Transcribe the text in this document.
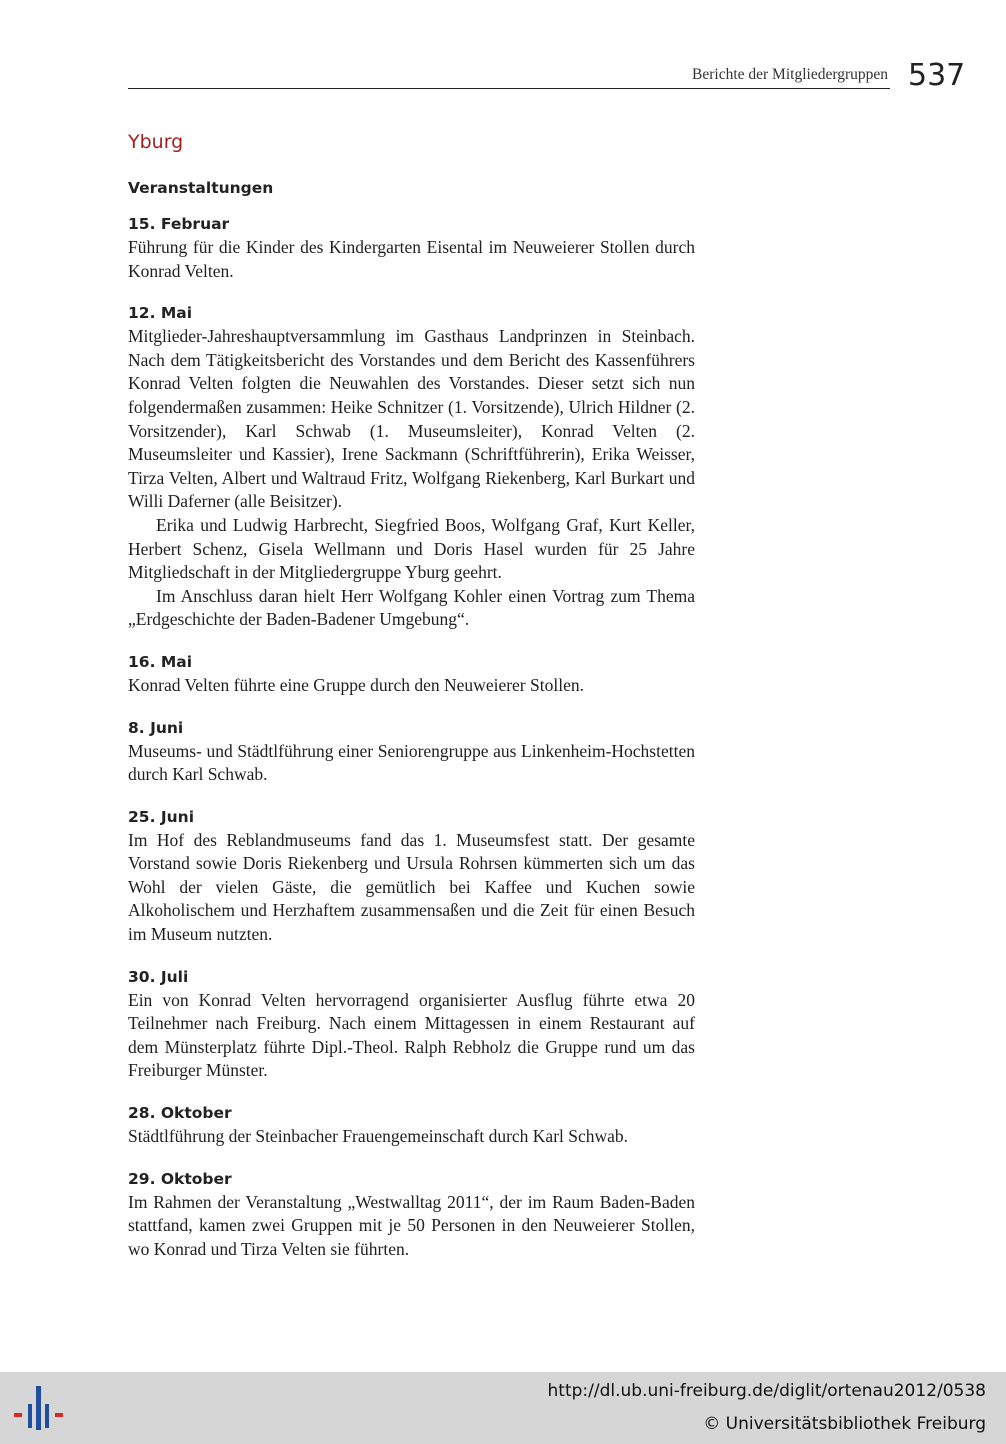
Berichte der Mitgliedergruppen 537
Yburg
Veranstaltungen
15. Februar

Führung für die Kinder des Kindergarten Eisental im Neuweierer Stollen durch Konrad Velten.

12. Mai

Mitglieder-Jahreshauptversammlung im Gasthaus Landprinzen in Steinbach. Nach dem Tätigkeitsbericht des Vorstandes und dem Bericht des Kassenführers Konrad Velten folgten die Neuwahlen des Vorstandes. Dieser setzt sich nun folgendermaßen zusammen: Heike Schnitzer (1. Vorsitzende), Ulrich Hildner (2. Vorsitzender), Karl Schwab (1. Museumsleiter), Konrad Velten (2. Museumsleiter und Kassier), Irene Sackmann (Schriftführerin), Erika Weisser, Tirza Velten, Albert und Waltraud Fritz, Wolfgang Riekenberg, Karl Burkart und Willi Daferner (alle Beisitzer).

Erika und Ludwig Harbrecht, Siegfried Boos, Wolfgang Graf, Kurt Keller, Herbert Schenz, Gisela Wellmann und Doris Hasel wurden für 25 Jahre Mitgliedschaft in der Mitgliedergruppe Yburg geehrt.

Im Anschluss daran hielt Herr Wolfgang Kohler einen Vortrag zum Thema „Erdgeschichte der Baden-Badener Umgebung“.

16. Mai

Konrad Velten führte eine Gruppe durch den Neuweierer Stollen.

8. Juni

Museums- und Städtlführung einer Seniorengruppe aus Linkenheim-Hochstetten durch Karl Schwab.

25. Juni

Im Hof des Reblandmuseums fand das 1. Museumsfest statt. Der gesamte Vorstand sowie Doris Riekenberg und Ursula Rohrsen kümmerten sich um das Wohl der vielen Gäste, die gemütlich bei Kaffee und Kuchen sowie Alkoholischem und Herzhaftem zusammensaßen und die Zeit für einen Besuch im Museum nutzten.

30. Juli

Ein von Konrad Velten hervorragend organisierter Ausflug führte etwa 20 Teilnehmer nach Freiburg. Nach einem Mittagessen in einem Restaurant auf dem Münsterplatz führte Dipl.-Theol. Ralph Rebholz die Gruppe rund um das Freiburger Münster.

28. Oktober

Städtlführung der Steinbacher Frauengemeinschaft durch Karl Schwab.

29. Oktober

Im Rahmen der Veranstaltung „Westwalltag 2011“, der im Raum Baden-Baden stattfand, kamen zwei Gruppen mit je 50 Personen in den Neuweierer Stollen, wo Konrad und Tirza Velten sie führten.

http://dl.ub.uni-freiburg.de/diglit/ortenau2012/0538
© Universitätsbibliothek Freiburg
